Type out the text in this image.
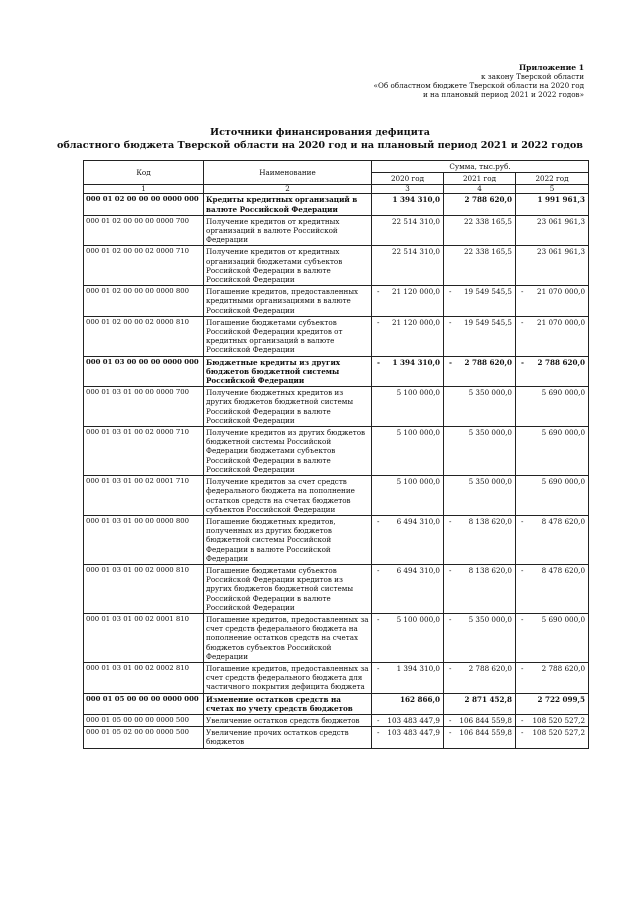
Приложение 1
к закону Тверской области
«Об областном бюджете Тверской области на 2020 год
и на плановый период 2021 и 2022 годов»
Источники финансирования дефицита
областного бюджета Тверской области на 2020 год и на плановый период 2021 и 2022 годов
Код	Наименование	Сумма, тыс.руб.		
		2020 год	2021 год	2022 год
1	2	3	4	5
000 01 02 00 00 00 0000 000	Кредиты кредитных организаций в валюте Российской Федерации	1 394 310,0	2 788 620,0	1 991 961,3
000 01 02 00 00 00 0000 700	Получение кредитов от кредитных организаций в валюте Российской Федерации	22 514 310,0	22 338 165,5	23 061 961,3
000 01 02 00 00 02 0000 710	Получение кредитов от кредитных организаций бюджетами субъектов Российской Федерации в валюте Российской Федерации	22 514 310,0	22 338 165,5	23 061 961,3
000 01 02 00 00 00 0000 800	Погашение кредитов, предоставленных кредитными организациями в валюте Российской Федерации	- 21 120 000,0	- 19 549 545,5	- 21 070 000,0
000 01 02 00 00 02 0000 810	Погашение бюджетами субъектов Российской Федерации кредитов от кредитных организаций в валюте Российской Федерации	- 21 120 000,0	- 19 549 545,5	- 21 070 000,0
000 01 03 00 00 00 0000 000	Бюджетные кредиты из других бюджетов бюджетной системы Российской Федерации	- 1 394 310,0	- 2 788 620,0	- 2 788 620,0
000 01 03 01 00 00 0000 700	Получение бюджетных кредитов из других бюджетов бюджетной системы Российской Федерации в валюте Российской Федерации	5 100 000,0	5 350 000,0	5 690 000,0
000 01 03 01 00 02 0000 710	Получение кредитов из других бюджетов бюджетной системы Российской Федерации бюджетами субъектов Российской Федерации в валюте Российской Федерации	5 100 000,0	5 350 000,0	5 690 000,0
000 01 03 01 00 02 0001 710	Получение кредитов за счет средств федерального бюджета на пополнение остатков средств на счетах бюджетов субъектов Российской Федерации	5 100 000,0	5 350 000,0	5 690 000,0
000 01 03 01 00 00 0000 800	Погашение бюджетных кредитов, полученных из других бюджетов бюджетной системы Российской Федерации в валюте Российской Федерации	- 6 494 310,0	- 8 138 620,0	- 8 478 620,0
000 01 03 01 00 02 0000 810	Погашение бюджетами субъектов Российской Федерации кредитов из других бюджетов бюджетной системы Российской Федерации в валюте Российской Федерации	- 6 494 310,0	- 8 138 620,0	- 8 478 620,0
000 01 03 01 00 02 0001 810	Погашение кредитов, предоставленных за счет средств федерального бюджета на пополнение остатков средств на счетах бюджетов субъектов Российской Федерации	- 5 100 000,0	- 5 350 000,0	- 5 690 000,0
000 01 03 01 00 02 0002 810	Погашение кредитов, предоставленных за счет средств федерального бюджета для частичного покрытия дефицита бюджета	- 1 394 310,0	- 2 788 620,0	- 2 788 620,0
000 01 05 00 00 00 0000 000	Изменение остатков средств на счетах по учету средств бюджетов	162 866,0	2 871 452,8	2 722 099,5
000 01 05 00 00 00 0000 500	Увеличение остатков средств бюджетов	- 103 483 447,9	- 106 844 559,8	- 108 520 527,2
000 01 05 02 00 00 0000 500	Увеличение прочих остатков средств бюджетов	- 103 483 447,9	- 106 844 559,8	- 108 520 527,2
